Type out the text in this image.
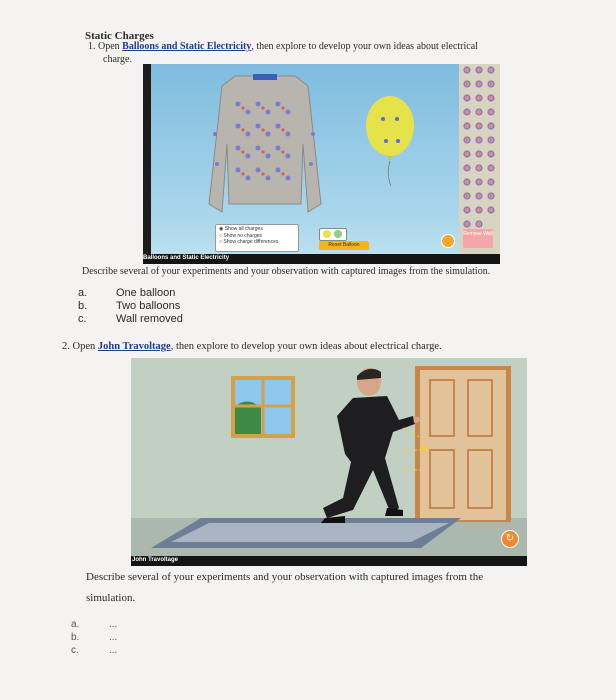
Static Charges
1. Open Balloons and Static Electricity, then explore to develop your own ideas about electrical
charge.
◉ Show all charges
○ Show no charges
○ Show charge differences	Reset Balloon
Remove Wall
Balloons and Static Electricity
Describe several of your experiments and your observation with captured images from the simulation.
a.	One balloon
b.	Two balloons
c.	Wall removed
2. Open John Travoltage, then explore to develop your own ideas about electrical charge.
↻
John Travoltage
Describe several of your experiments and your observation with captured images from the
simulation.
a.	...
b.	...
c.	...
